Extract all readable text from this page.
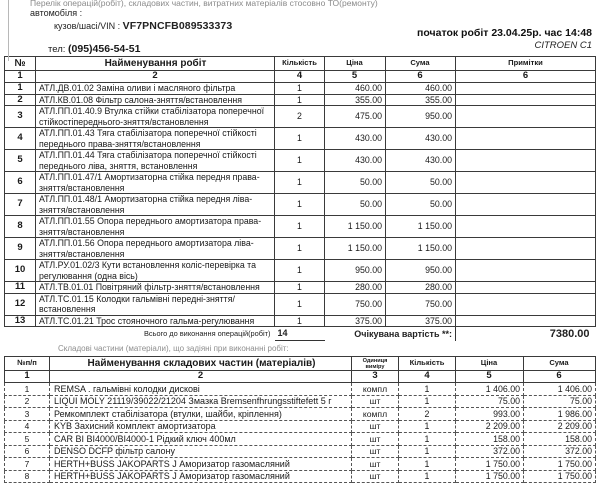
Перелік операцій(робіт), складових частин, витратних матеріалів стосовно ТО(ремонту)
автомобіля :
кузов/шасі/VIN : VF7PNCFB089533373
початок робіт 23.04.25р. час 14:48
CITROEN C1
тел: (095)456-54-51
№	Найменування робіт	Кількість	Ціна	Сума	Примітки
1	2	4	5	6	6
1	АТЛ.ДВ.01.02 Заміна оливи і масляного фільтра	1	460.00	460.00	
2	АТЛ.КВ.01.08 Фільтр салона-зняття/встановлення	1	355.00	355.00	
3	АТЛ.ПП.01.40.9 Втулка стійки стабілізатора поперечної стійкостіпереднього-зняття/встановлення	2	475.00	950.00	
4	АТЛ.ПП.01.43 Тяга стабілізатора поперечної стійкості переднього права-зняття/встановлення	1	430.00	430.00	
5	АТЛ.ПП.01.44 Тяга стабілізатора поперечної стійкості переднього ліва, зняття, встановлення	1	430.00	430.00	
6	АТЛ.ПП.01.47/1 Амортизаторна стійка передня права-зняття/встановлення	1	50.00	50.00	
7	АТЛ.ПП.01.48/1 Амортизаторна стійка передня ліва-зняття/встановлення	1	50.00	50.00	
8	АТЛ.ПП.01.55 Опора переднього амортизатора права-зняття/встановлення	1	1 150.00	1 150.00	
9	АТЛ.ПП.01.56 Опора переднього амортизатора ліва-зняття/встановлення	1	1 150.00	1 150.00	
10	АТЛ.РУ.01.02/3 Кути встановлення коліс-перевірка та регулювання (одна вісь)	1	950.00	950.00	
11	АТЛ.ТВ.01.01 Повітряний фільтр-зняття/встановлення	1	280.00	280.00	
12	АТЛ.ТС.01.15 Колодки гальмівні передні-зняття/встановлення	1	750.00	750.00	
13	АТЛ.ТС.01.21 Трос стояночного гальма-регулювання	1	375.00	375.00	
Всього до виконання операцій(робіт)		14	Очікувана вартість **:		7380.00
Складові частини (матеріали), що задіяні при виконанні робіт:
№п/п	Найменування складових частин (матеріалів)	Одиниця виміру	Кількість	Ціна	Сума
1	2	3	4	5	6
1	REMSA . гальмівні колодки дискові	компл	1	1 406.00	1 406.00
2	LIQUI MOLY 21119/39022/21204 Змазка Bremsenfhrungsstiftefett 5 г	шт	1	75.00	75.00
3	Ремкомплект стабілізатора (втулки, шайби, кріплення)	компл	2	993.00	1 986.00
4	KYB Захисний комплект амортизатора	шт	1	2 209.00	2 209.00
5	CAR BI BI4000/BI4000-1 Рідкий ключ 400мл	шт	1	158.00	158.00
6	DENSO DCFP фільтр салону	шт	1	372.00	372.00
7	HERTH+BUSS JAKOPARTS J Аморизатор газомасляний	шт	1	1 750.00	1 750.00
8	HERTH+BUSS JAKOPARTS J Аморизатор газомасляний	шт	1	1 750.00	1 750.00
